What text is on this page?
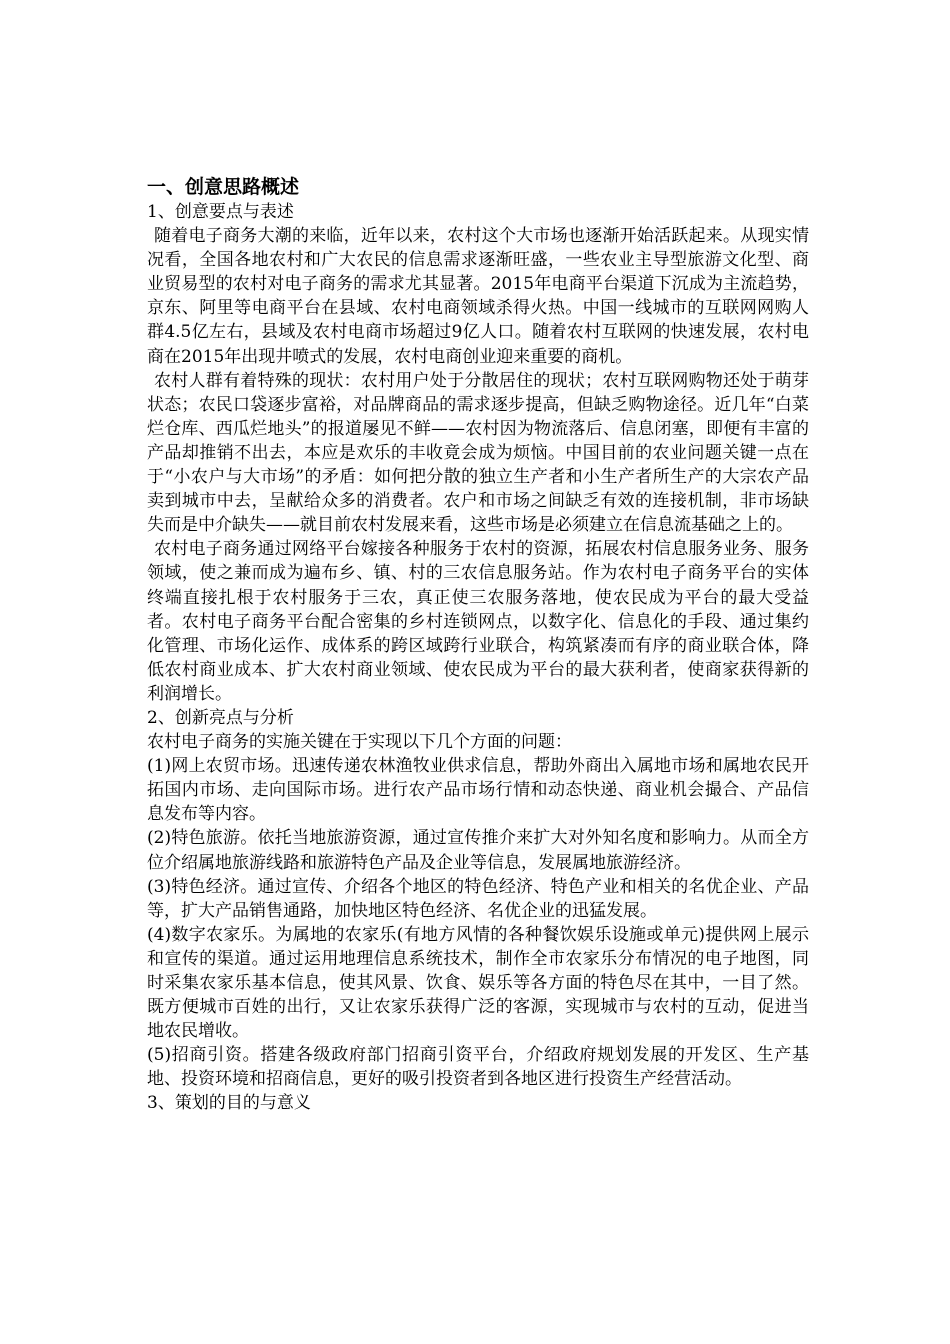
一、创意思路概述

1、创意要点与表述

随着电子商务大潮的来临，近年以来，农村这个大市场也逐渐开始活跃起来。从现实情况看，全国各地农村和广大农民的信息需求逐渐旺盛，一些农业主导型旅游文化型、商业贸易型的农村对电子商务的需求尤其显著。2015年电商平台渠道下沉成为主流趋势，京东、阿里等电商平台在县域、农村电商领域杀得火热。中国一线城市的互联网网购人群4.5亿左右，县域及农村电商市场超过9亿人口。随着农村互联网的快速发展，农村电商在2015年出现井喷式的发展，农村电商创业迎来重要的商机。

农村人群有着特殊的现状：农村用户处于分散居住的现状；农村互联网购物还处于萌芽状态；农民口袋逐步富裕，对品牌商品的需求逐步提高，但缺乏购物途径。近几年“白菜烂仓库、西瓜烂地头”的报道屡见不鲜——农村因为物流落后、信息闭塞，即便有丰富的产品却推销不出去，本应是欢乐的丰收竟会成为烦恼。中国目前的农业问题关键一点在于“小农户与大市场”的矛盾：如何把分散的独立生产者和小生产者所生产的大宗农产品卖到城市中去，呈献给众多的消费者。农户和市场之间缺乏有效的连接机制，非市场缺失而是中介缺失——就目前农村发展来看，这些市场是必须建立在信息流基础之上的。

农村电子商务通过网络平台嫁接各种服务于农村的资源，拓展农村信息服务业务、服务领域，使之兼而成为遍布乡、镇、村的三农信息服务站。作为农村电子商务平台的实体终端直接扎根于农村服务于三农，真正使三农服务落地，使农民成为平台的最大受益者。农村电子商务平台配合密集的乡村连锁网点，以数字化、信息化的手段、通过集约化管理、市场化运作、成体系的跨区域跨行业联合，构筑紧凑而有序的商业联合体，降低农村商业成本、扩大农村商业领域、使农民成为平台的最大获利者，使商家获得新的利润增长。

2、创新亮点与分析

农村电子商务的实施关键在于实现以下几个方面的问题：

(1)网上农贸市场。迅速传递农林渔牧业供求信息，帮助外商出入属地市场和属地农民开拓国内市场、走向国际市场。进行农产品市场行情和动态快递、商业机会撮合、产品信息发布等内容。

(2)特色旅游。依托当地旅游资源，通过宣传推介来扩大对外知名度和影响力。从而全方位介绍属地旅游线路和旅游特色产品及企业等信息，发展属地旅游经济。

(3)特色经济。通过宣传、介绍各个地区的特色经济、特色产业和相关的名优企业、产品等，扩大产品销售通路，加快地区特色经济、名优企业的迅猛发展。

(4)数字农家乐。为属地的农家乐(有地方风情的各种餐饮娱乐设施或单元)提供网上展示和宣传的渠道。通过运用地理信息系统技术，制作全市农家乐分布情况的电子地图，同时采集农家乐基本信息，使其风景、饮食、娱乐等各方面的特色尽在其中，一目了然。既方便城市百姓的出行，又让农家乐获得广泛的客源，实现城市与农村的互动，促进当地农民增收。

(5)招商引资。搭建各级政府部门招商引资平台，介绍政府规划发展的开发区、生产基地、投资环境和招商信息，更好的吸引投资者到各地区进行投资生产经营活动。

3、策划的目的与意义
